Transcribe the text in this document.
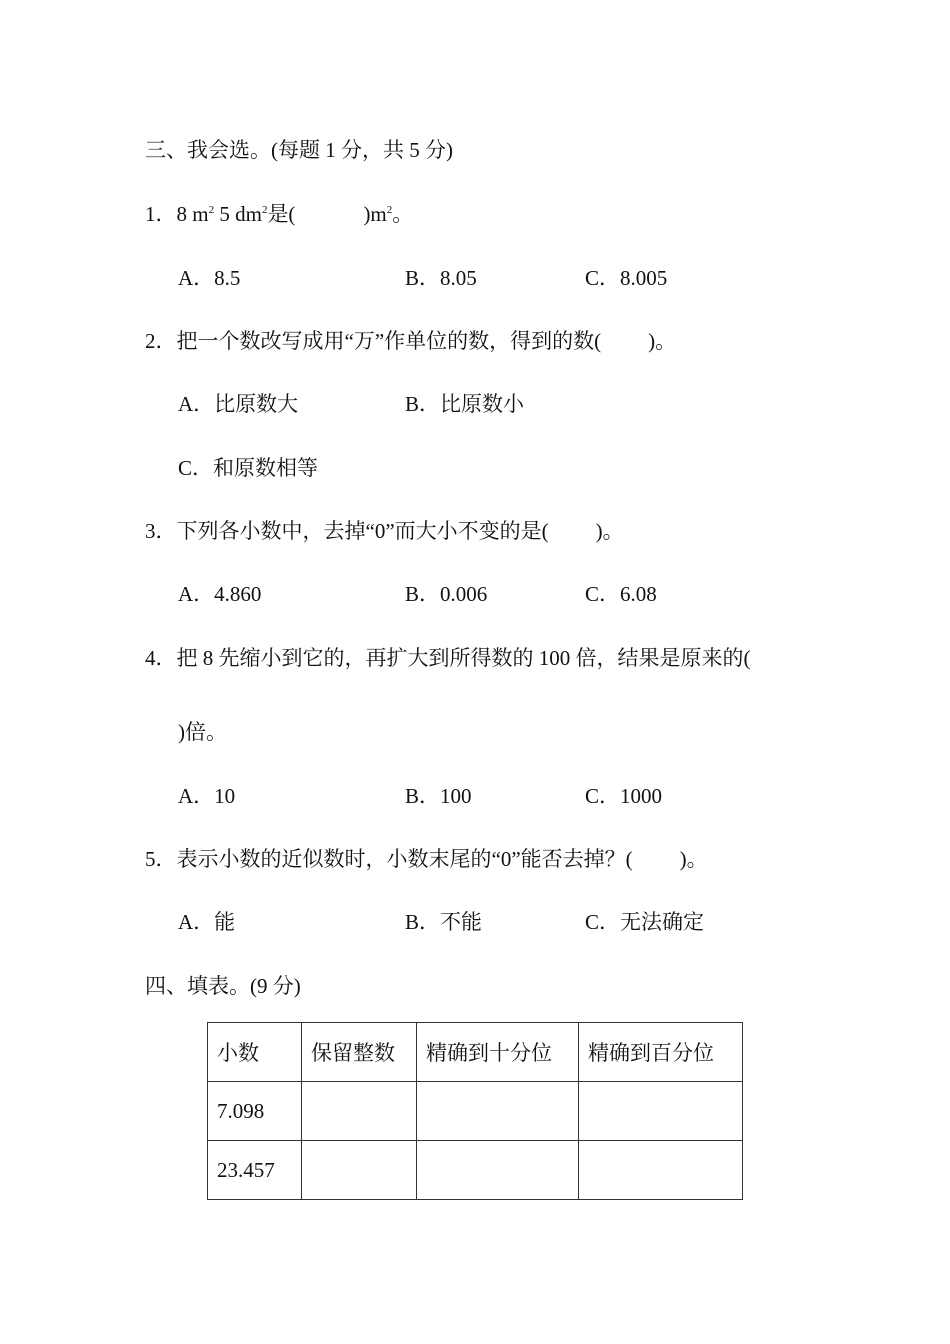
三、我会选。(每题 1 分，共 5 分)
1．8 $m^2$ 5 $dm^2$是(	)$m^2$。
A．8.5	B．8.05	C．8.005
2．把一个数改写成用“万”作单位的数，得到的数( )。
A．比原数大	B．比原数小
C．和原数相等
3．下列各小数中，去掉“0”而大小不变的是( )。
A．4.860	B．0.006	C．6.08
4．把 8 先缩小到它的，再扩大到所得数的 100 倍，结果是原来的(
)倍。
A．10	B．100	C．1000
5．表示小数的近似数时，小数末尾的“0”能否去掉？( )。
A．能	B．不能	C．无法确定
四、填表。(9 分)
小数	保留整数	精确到十分位	精确到百分位
7.098			
23.457			
